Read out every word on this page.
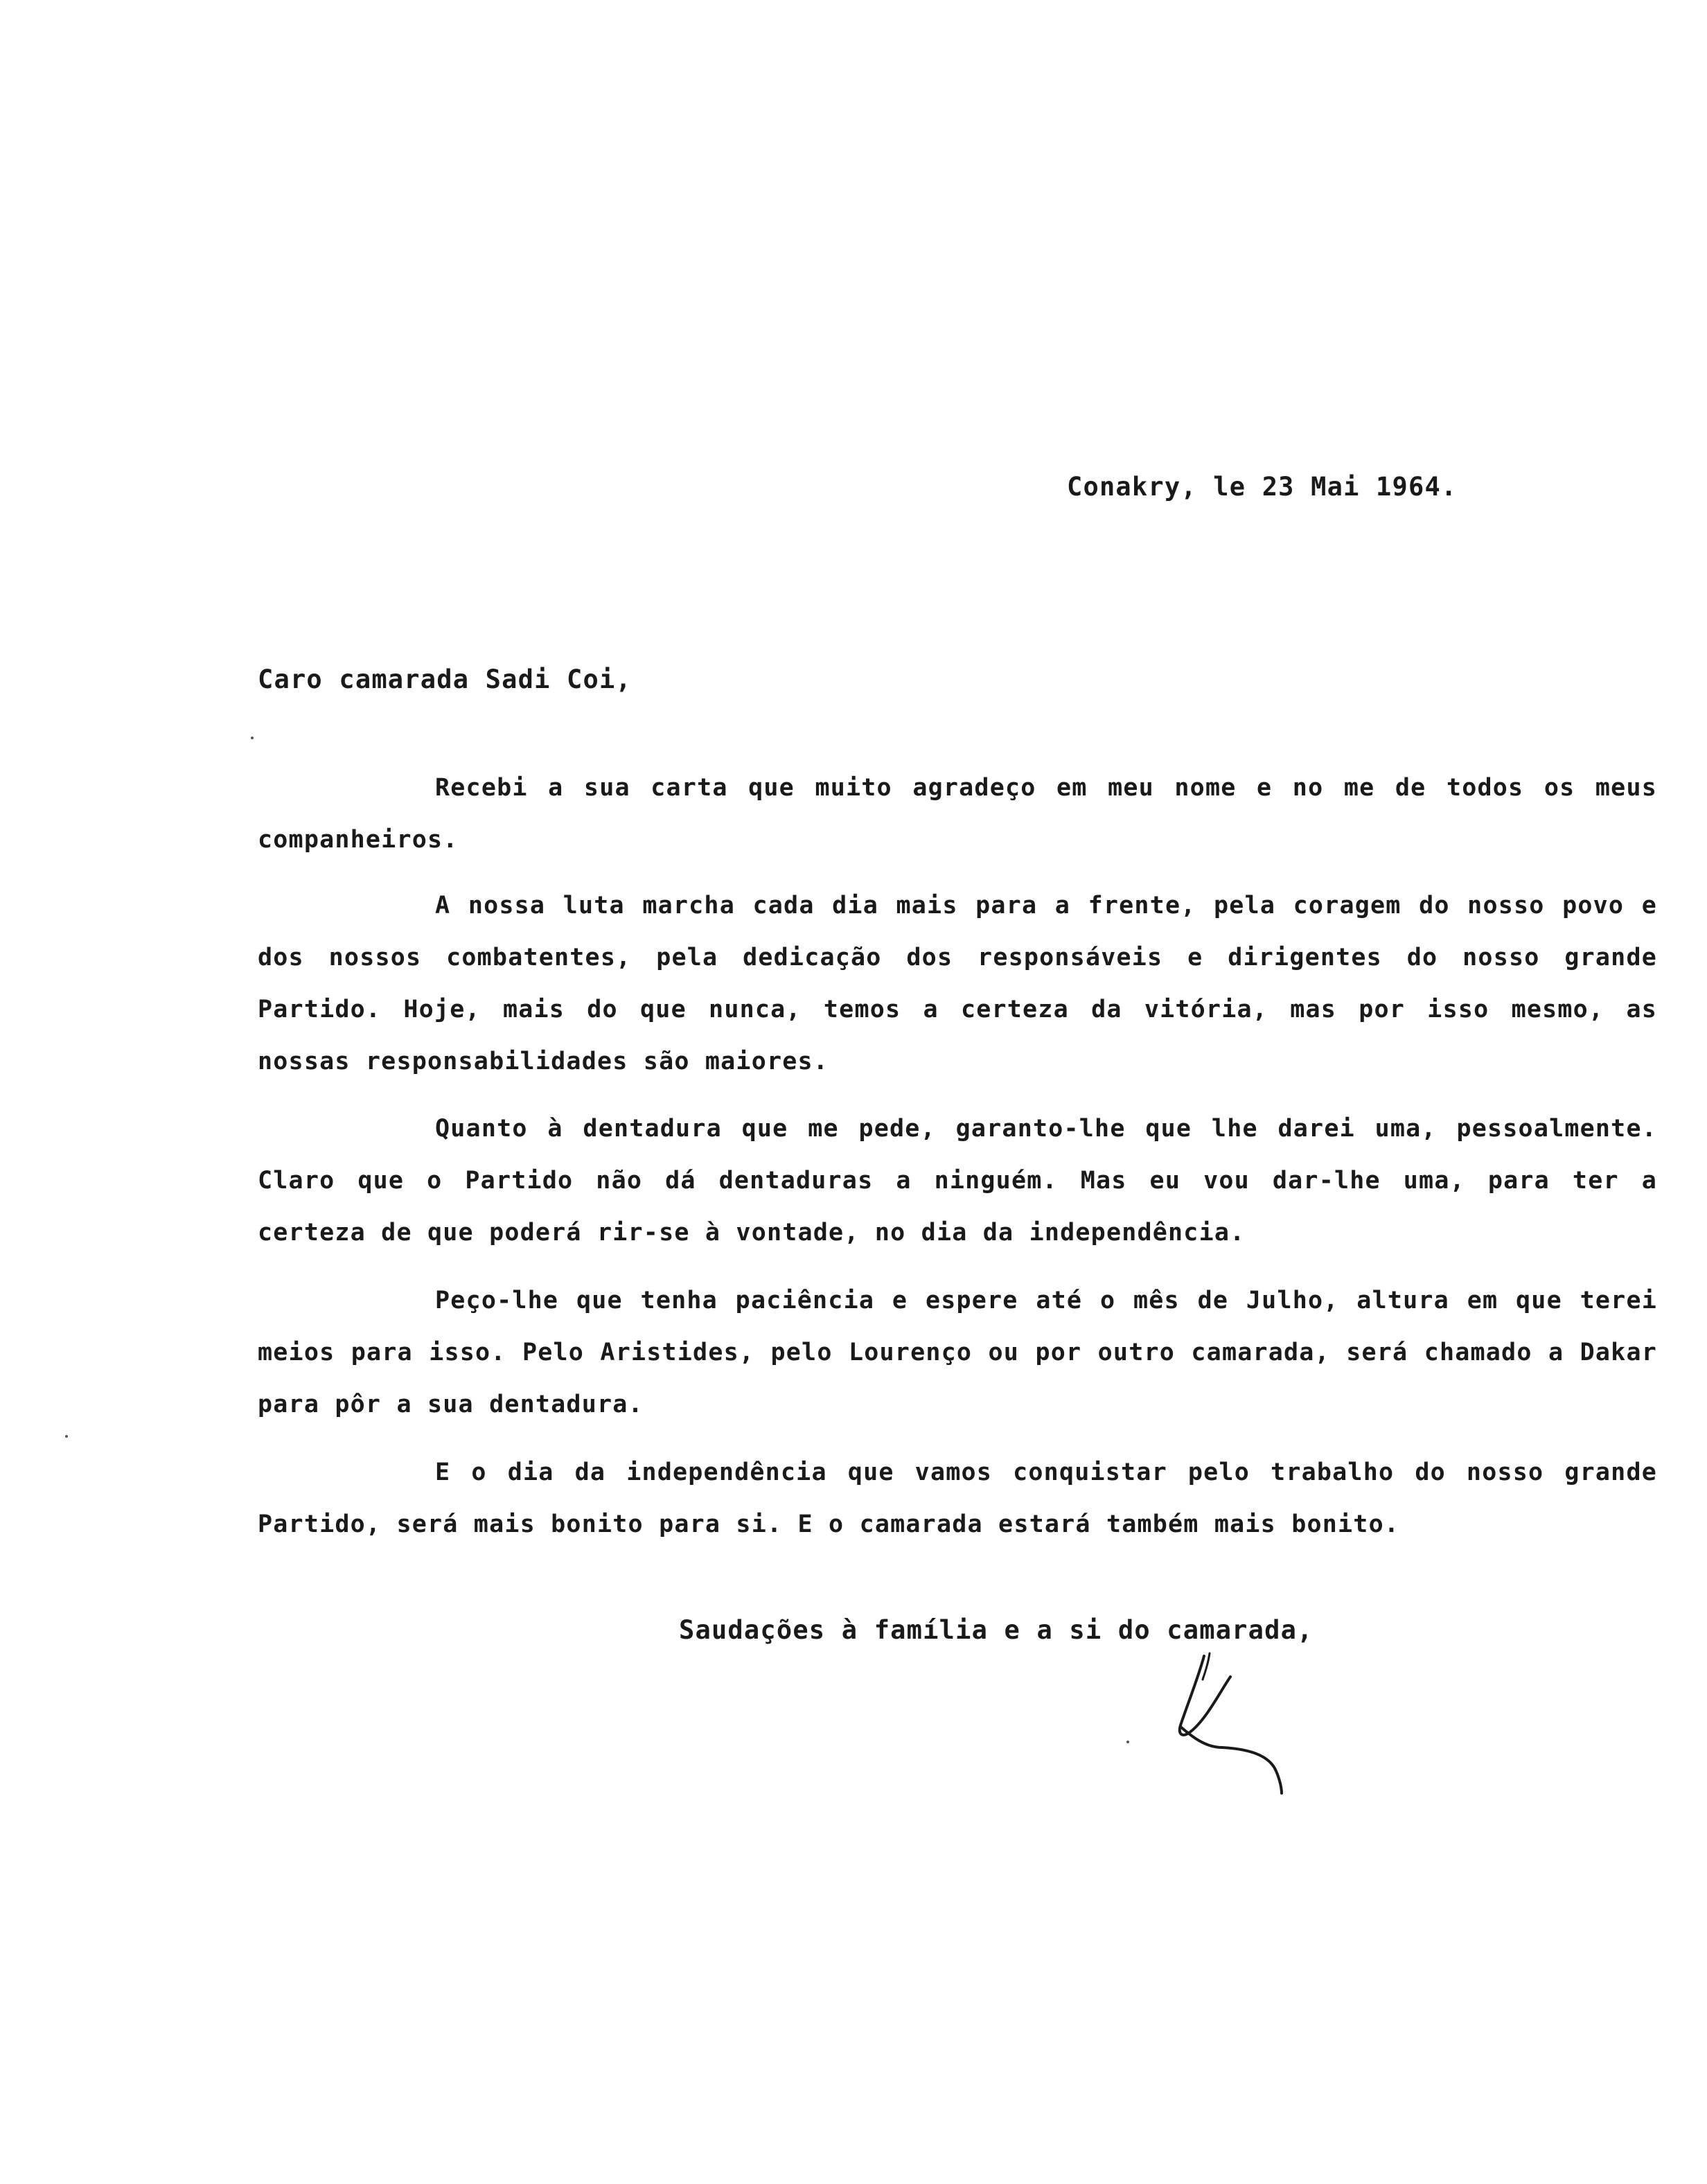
Conakry, le 23 Mai 1964.
Caro camarada Sadi Coi,

Recebi a sua carta que muito agradeço em meu nome e no me de todos os meus companheiros.

A nossa luta marcha cada dia mais para a frente, pela coragem do nosso povo e dos nossos combatentes, pela dedicação dos responsáveis e dirigentes do nosso grande Partido. Hoje, mais do que nunca, temos a certeza da vitória, mas por isso mesmo, as nossas responsabilidades são maiores.

Quanto à dentadura que me pede, garanto-lhe que lhe darei uma, pessoalmente. Claro que o Partido não dá dentaduras a ninguém. Mas eu vou dar-lhe uma, para ter a certeza de que poderá rir-se à vontade, no dia da independência.

Peço-lhe que tenha paciência e espere até o mês de Julho, altura em que terei meios para isso. Pelo Aristides, pelo Lourenço ou por outro camarada, será chamado a Dakar para pôr a sua dentadura.

E o dia da independência que vamos conquistar pelo trabalho do nosso grande Partido, será mais bonito para si. E o camarada estará também mais bonito.

Saudações à família e a si do camarada,
